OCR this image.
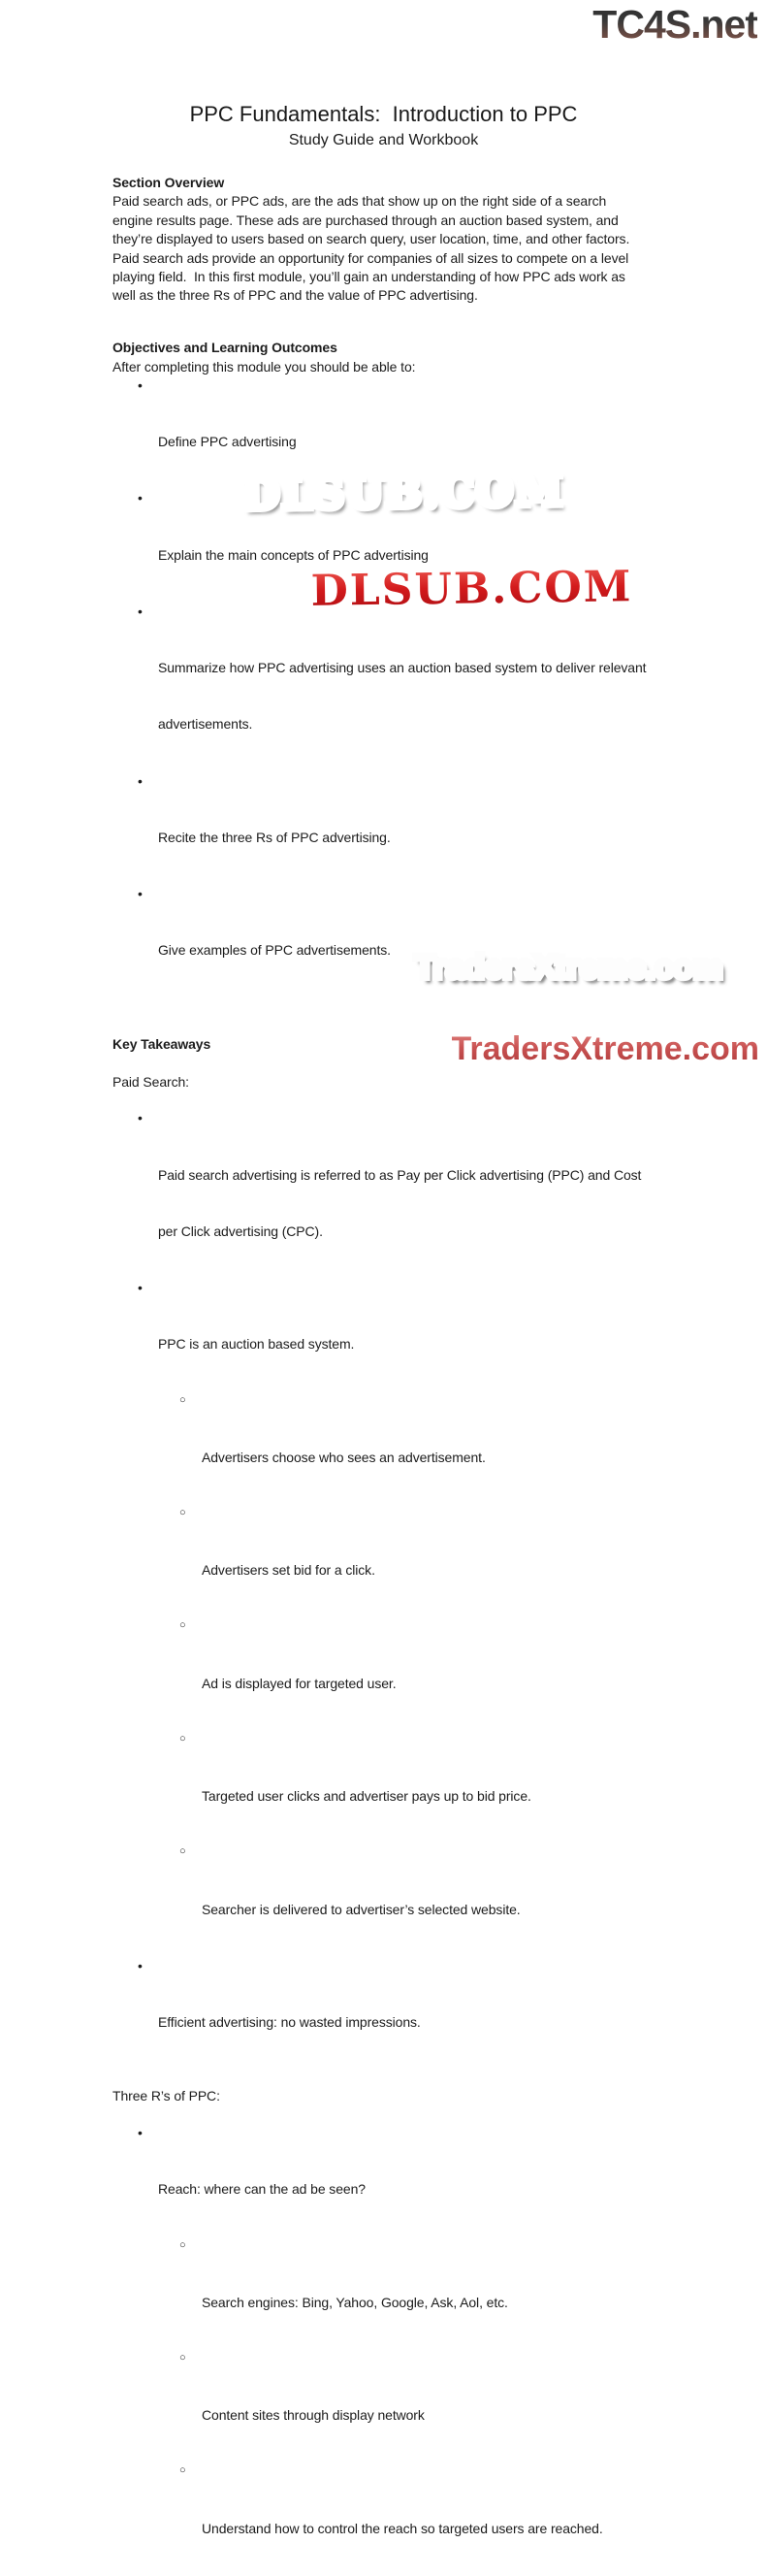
TC4S.net
PPC Fundamentals:  Introduction to PPC
Study Guide and Workbook
Section Overview
Paid search ads, or PPC ads, are the ads that show up on the right side of a search
engine results page. These ads are purchased through an auction based system, and
they’re displayed to users based on search query, user location, time, and other factors.
Paid search ads provide an opportunity for companies of all sizes to compete on a level
playing field.  In this first module, you’ll gain an understanding of how PPC ads work as
well as the three Rs of PPC and the value of PPC advertising.
Objectives and Learning Outcomes
After completing this module you should be able to:

•

Define PPC advertising

•

Explain the main concepts of PPC advertising

•

Summarize how PPC advertising uses an auction based system to deliver relevant

advertisements.

•

Recite the three Rs of PPC advertising.

•

Give examples of PPC advertisements.

Key Takeaways
Paid Search:

•

Paid search advertising is referred to as Pay per Click advertising (PPC) and Cost

per Click advertising (CPC).

•

PPC is an auction based system.

○

Advertisers choose who sees an advertisement.

○

Advertisers set bid for a click.

○

Ad is displayed for targeted user.

○

Targeted user clicks and advertiser pays up to bid price.

○

Searcher is delivered to advertiser’s selected website.

•

Efficient advertising: no wasted impressions.

Three R’s of PPC:

•

Reach: where can the ad be seen?

○

Search engines: Bing, Yahoo, Google, Ask, Aol, etc.

○

Content sites through display network

○

Understand how to control the reach so targeted users are reached.

DLSUB.COM

DLSUB.COM

TradersXtreme.com

TradersXtreme.com
